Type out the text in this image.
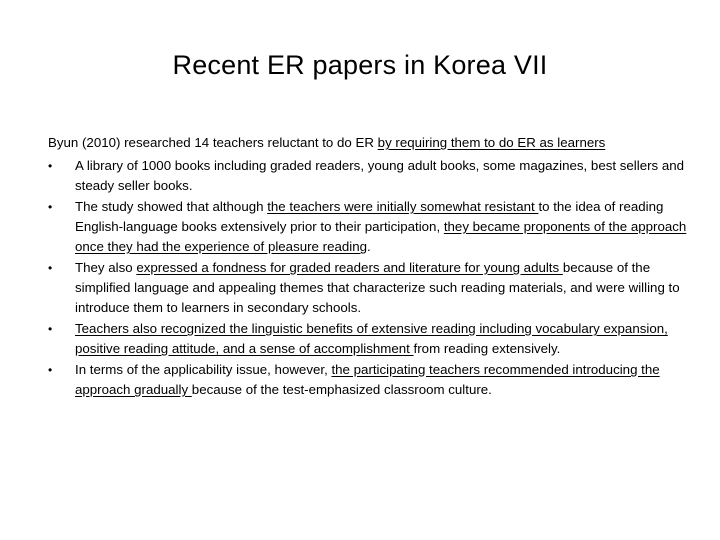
Recent ER papers in Korea VII

Byun (2010) researched 14 teachers reluctant to do ER by requiring them to do ER as learners

•	A library of 1000 books including graded readers, young adult books, some magazines, best sellers and steady seller books.
•	The study showed that although the teachers were initially somewhat resistant to the idea of reading English-language books extensively prior to their participation, they became proponents of the approach once they had the experience of pleasure reading.
•	They also expressed a fondness for graded readers and literature for young adults because of the simplified language and appealing themes that characterize such reading materials, and were willing to introduce them to learners in secondary schools.
•	Teachers also recognized the linguistic benefits of extensive reading including vocabulary expansion, positive reading attitude, and a sense of accomplishment from reading extensively.
•	In terms of the applicability issue, however, the participating teachers recommended introducing the approach gradually because of the test-emphasized classroom culture.
